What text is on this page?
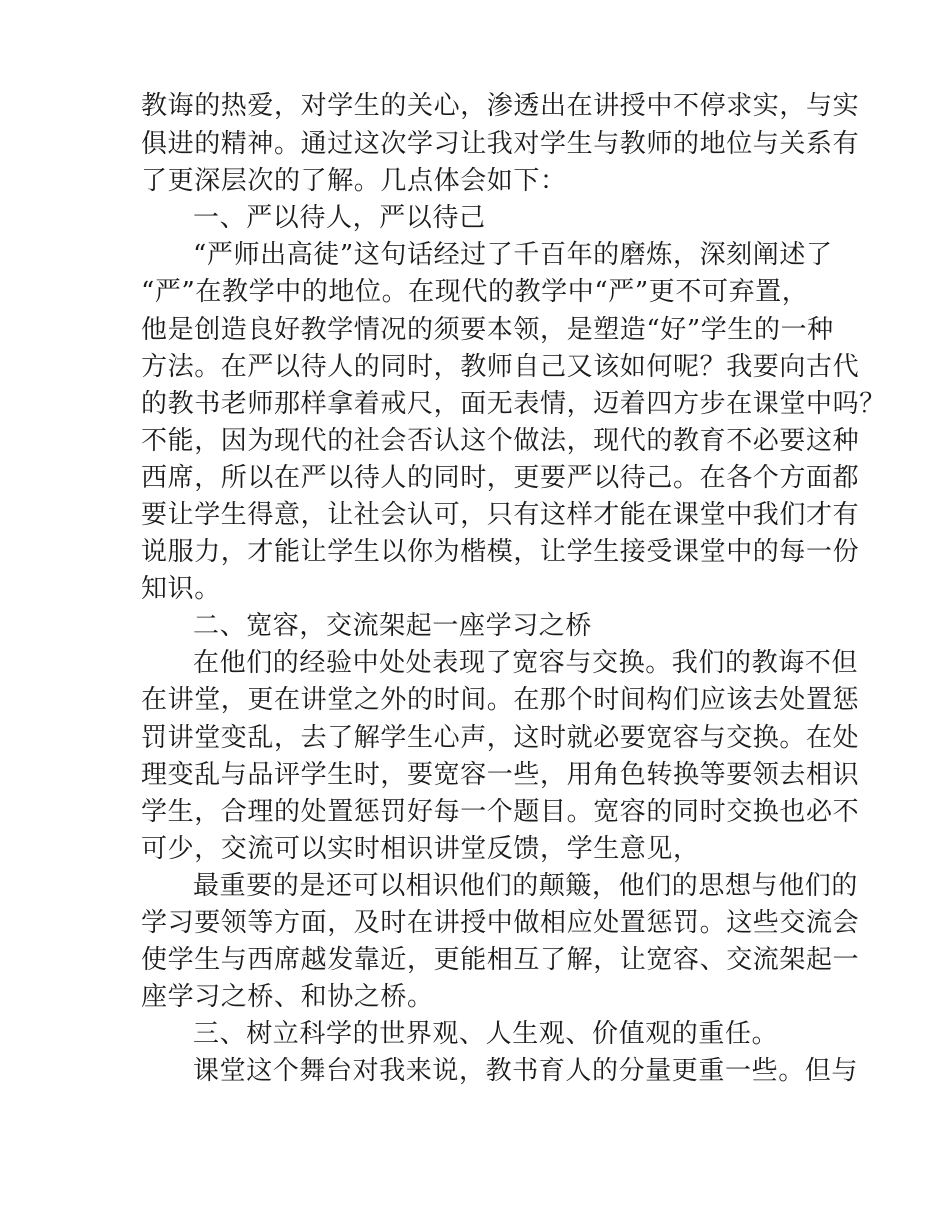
教诲的热爱，对学生的关心，渗透出在讲授中不停求实，与实
俱进的精神。通过这次学习让我对学生与教师的地位与关系有
了更深层次的了解。几点体会如下：
一、严以待人，严以待己
“严师出高徒”这句话经过了千百年的磨炼，深刻阐述了
“严”在教学中的地位。在现代的教学中“严”更不可弃置，
他是创造良好教学情况的须要本领，是塑造“好”学生的一种
方法。在严以待人的同时，教师自己又该如何呢？我要向古代
的教书老师那样拿着戒尺，面无表情，迈着四方步在课堂中吗？
不能，因为现代的社会否认这个做法，现代的教育不必要这种
西席，所以在严以待人的同时，更要严以待己。在各个方面都
要让学生得意，让社会认可，只有这样才能在课堂中我们才有
说服力，才能让学生以你为楷模，让学生接受课堂中的每一份
知识。
二、宽容，交流架起一座学习之桥
在他们的经验中处处表现了宽容与交换。我们的教诲不但
在讲堂，更在讲堂之外的时间。在那个时间构们应该去处置惩
罚讲堂变乱，去了解学生心声，这时就必要宽容与交换。在处
理变乱与品评学生时，要宽容一些，用角色转换等要领去相识
学生，合理的处置惩罚好每一个题目。宽容的同时交换也必不
可少，交流可以实时相识讲堂反馈，学生意见，
最重要的是还可以相识他们的颠簸，他们的思想与他们的
学习要领等方面，及时在讲授中做相应处置惩罚。这些交流会
使学生与西席越发靠近，更能相互了解，让宽容、交流架起一
座学习之桥、和协之桥。
三、树立科学的世界观、人生观、价值观的重任。
课堂这个舞台对我来说，教书育人的分量更重一些。但与
